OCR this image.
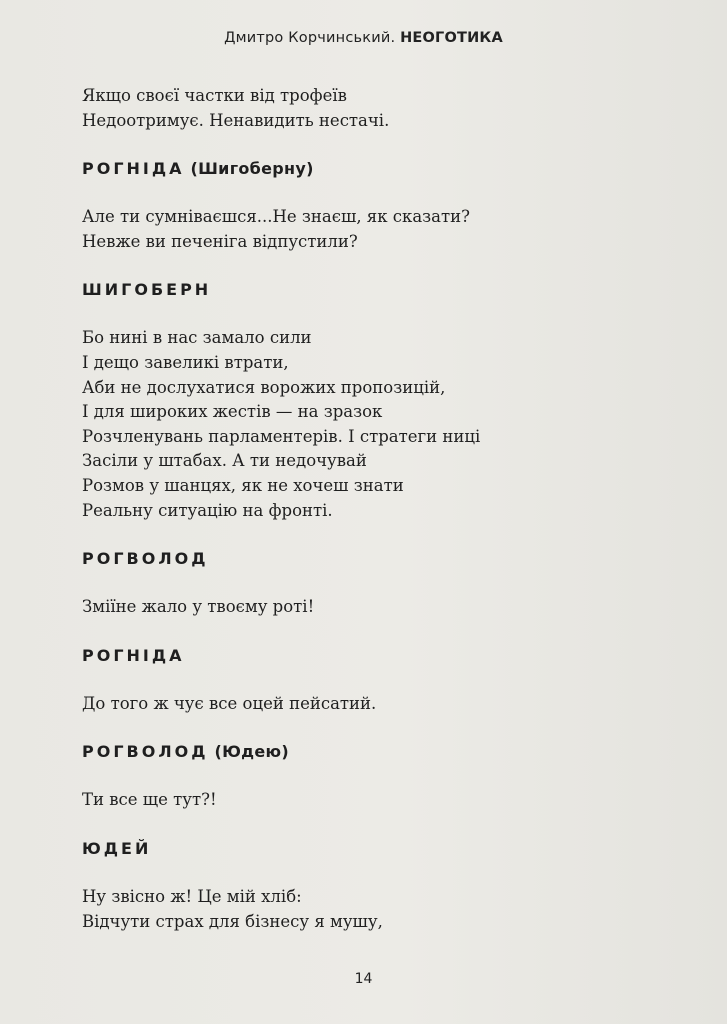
Дмитро Корчинський. НЕОГОТИКА
Якщо своєї частки від трофеїв
Недоотримує. Ненавидить нестачі.
РОГНІДА (Шигоберну)
Але ти сумніваєшся...Не знаєш, як сказати?
Невже ви печеніга відпустили?
ШИГОБЕРН
Бо нині в нас замало сили
І дещо завеликі втрати,
Аби не дослухатися ворожих пропозицій,
І для широких жестів — на зразок
Розчленувань парламентерів. І стратеги ниці
Засіли у штабах. А ти недочувай
Розмов у шанцях, як не хочеш знати
Реальну ситуацію на фронті.
РОГВОЛОД
Зміїне жало у твоєму роті!
РОГНІДА
До того ж чує все оцей пейсатий.
РОГВОЛОД (Юдею)
Ти все ще тут?!
ЮДЕЙ
Ну звісно ж! Це мій хліб:
Відчути страх для бізнесу я мушу,
14
